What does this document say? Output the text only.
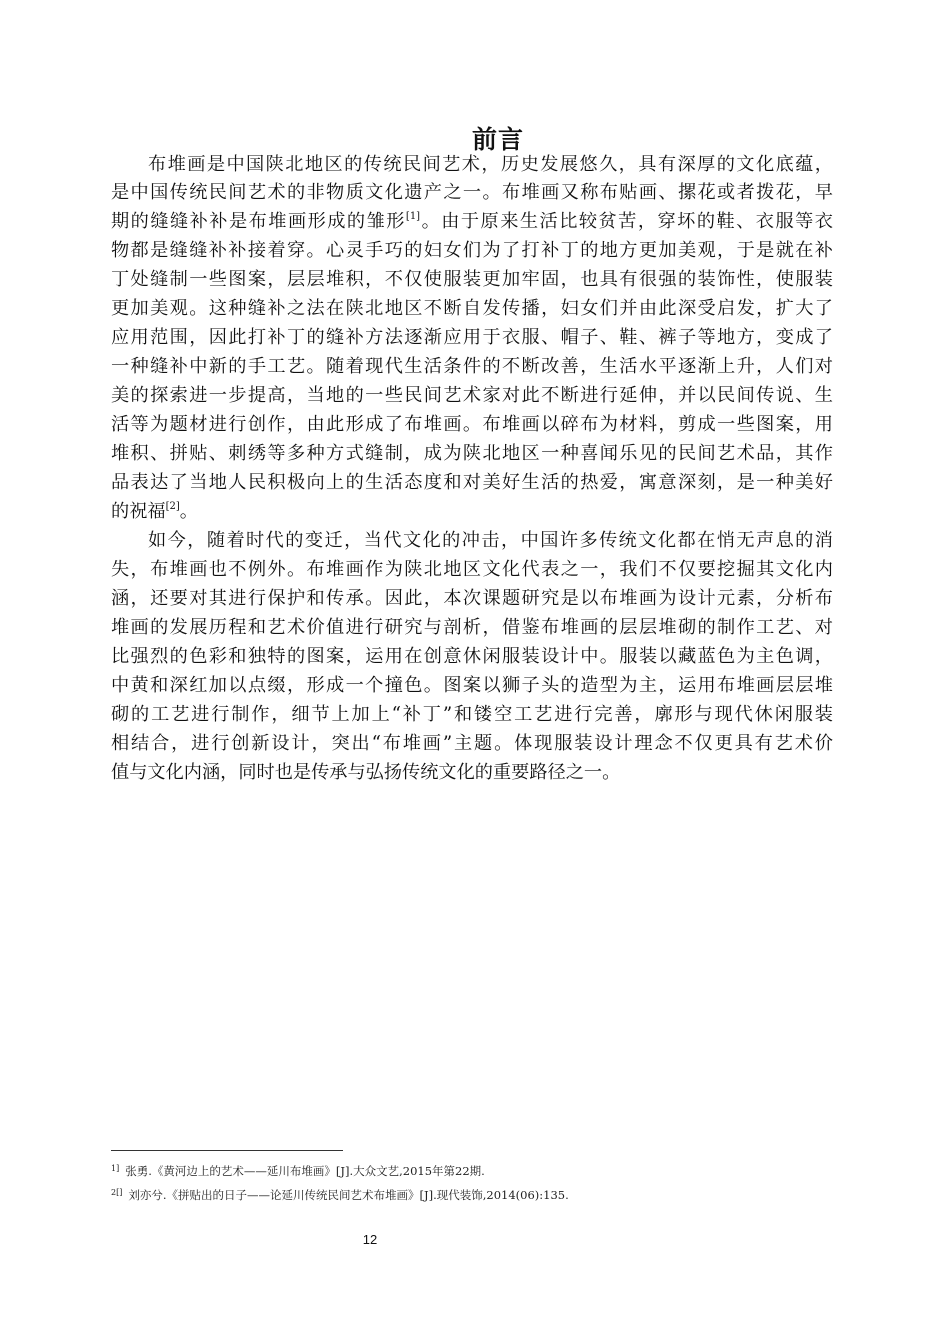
前言
布堆画是中国陕北地区的传统民间艺术，历史发展悠久，具有深厚的文化底蕴，
是中国传统民间艺术的非物质文化遗产之一。布堆画又称布贴画、摞花或者拨花，早
期的缝缝补补是布堆画形成的雏形[1]。由于原来生活比较贫苦，穿坏的鞋、衣服等衣
物都是缝缝补补接着穿。心灵手巧的妇女们为了打补丁的地方更加美观，于是就在补
丁处缝制一些图案，层层堆积，不仅使服装更加牢固，也具有很强的装饰性，使服装
更加美观。这种缝补之法在陕北地区不断自发传播，妇女们并由此深受启发，扩大了
应用范围，因此打补丁的缝补方法逐渐应用于衣服、帽子、鞋、裤子等地方，变成了
一种缝补中新的手工艺。随着现代生活条件的不断改善，生活水平逐渐上升，人们对
美的探索进一步提高，当地的一些民间艺术家对此不断进行延伸，并以民间传说、生
活等为题材进行创作，由此形成了布堆画。布堆画以碎布为材料，剪成一些图案，用
堆积、拼贴、刺绣等多种方式缝制，成为陕北地区一种喜闻乐见的民间艺术品，其作
品表达了当地人民积极向上的生活态度和对美好生活的热爱，寓意深刻，是一种美好
的祝福[2]。
如今，随着时代的变迁，当代文化的冲击，中国许多传统文化都在悄无声息的消
失，布堆画也不例外。布堆画作为陕北地区文化代表之一，我们不仅要挖掘其文化内
涵，还要对其进行保护和传承。因此，本次课题研究是以布堆画为设计元素，分析布
堆画的发展历程和艺术价值进行研究与剖析，借鉴布堆画的层层堆砌的制作工艺、对
比强烈的色彩和独特的图案，运用在创意休闲服装设计中。服装以藏蓝色为主色调，
中黄和深红加以点缀，形成一个撞色。图案以狮子头的造型为主，运用布堆画层层堆
砌的工艺进行制作，细节上加上“补丁”和镂空工艺进行完善，廓形与现代休闲服装
相结合，进行创新设计，突出“布堆画”主题。体现服装设计理念不仅更具有艺术价
值与文化内涵，同时也是传承与弘扬传统文化的重要路径之一。
$^{1]}$ 张勇.《黄河边上的艺术——延川布堆画》[J].大众文艺,2015年第22期.
$^{2[]}$ 刘亦兮.《拼贴出的日子——论延川传统民间艺术布堆画》[J].现代装饰,2014(06):135.
12
